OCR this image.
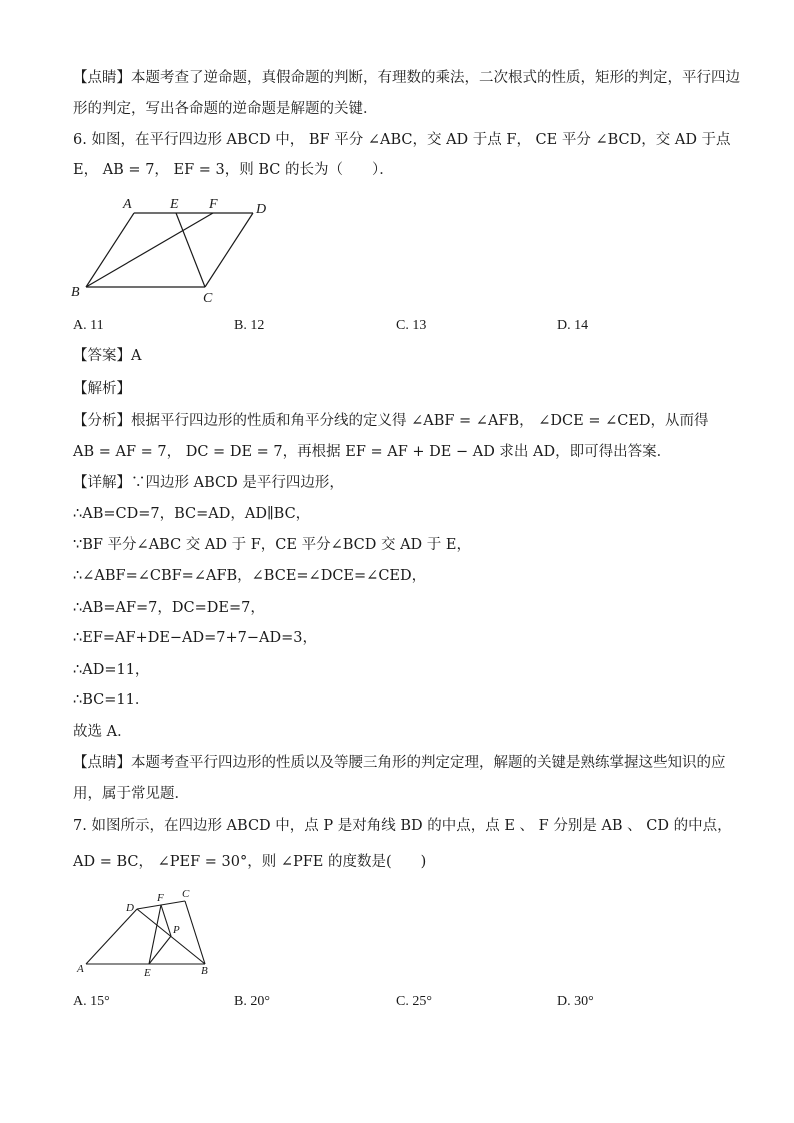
【点睛】本题考查了逆命题，真假命题的判断，有理数的乘法，二次根式的性质，矩形的判定，平行四边
形的判定，写出各命题的逆命题是解题的关键．
6. 如图，在平行四边形 ABCD 中， BF 平分 ∠ABC，交 AD 于点 F， CE 平分 ∠BCD，交 AD 于点
E， AB = 7， EF = 3，则 BC 的长为（　　）．
A	E F	D
B	C
A. 11	B. 12	C. 13	D. 14
【答案】A
【解析】
【分析】根据平行四边形的性质和角平分线的定义得 ∠ABF = ∠AFB， ∠DCE = ∠CED，从而得
AB = AF = 7， DC = DE = 7，再根据 EF = AF + DE − AD 求出 AD，即可得出答案．
【详解】∵四边形 ABCD 是平行四边形，
∴AB=CD=7，BC=AD，AD∥BC，
∵BF 平分∠ABC 交 AD 于 F，CE 平分∠BCD 交 AD 于 E，
∴∠ABF=∠CBF=∠AFB，∠BCE=∠DCE=∠CED，
∴AB=AF=7，DC=DE=7，
∴EF=AF+DE−AD=7+7−AD=3，
∴AD=11，
∴BC=11．
故选 A．
【点睛】本题考查平行四边形的性质以及等腰三角形的判定定理，解题的关键是熟练掌握这些知识的应
用，属于常见题．
7. 如图所示，在四边形 ABCD 中，点 P 是对角线 BD 的中点，点 E 、 F 分别是 AB 、 CD 的中点，
AD = BC， ∠PEF = 30°，则 ∠PFE 的度数是(　　)
D
F C
P
A	E	B
A. 15°	B. 20°	C. 25°	D. 30°
